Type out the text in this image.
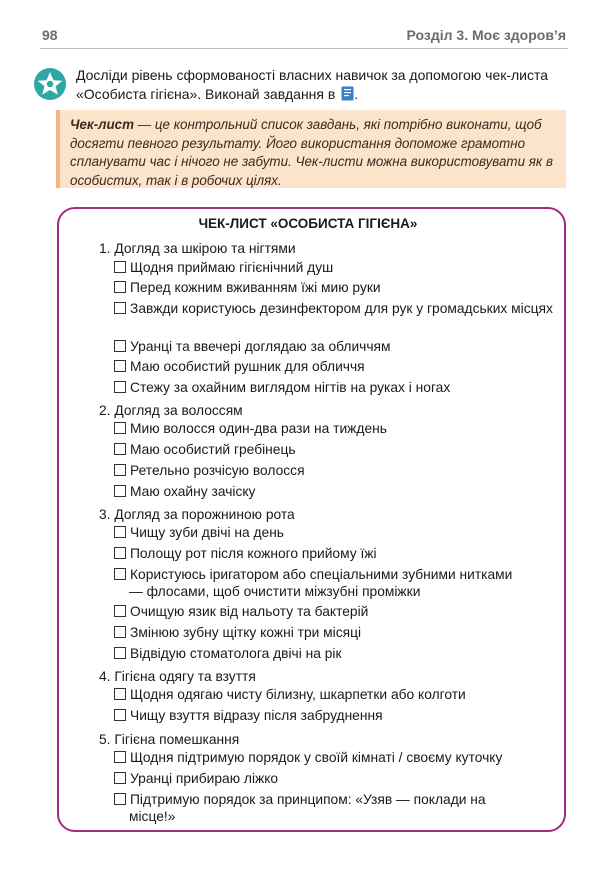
98	Розділ 3. Моє здоров’я
Досліди рівень сформованості власних навичок за допомогою чек-листа
«Особиста гігієна». Виконай завдання в .
Чек-лист — це контрольний список завдань, які потрібно виконати, щоб досягти певного результату. Його використання допоможе грамотно спланувати час і нічого не забути. Чек-листи можна використовувати як в особистих, так і в робочих цілях.
ЧЕК-ЛИСТ «ОСОБИСТА ГІГІЄНА»
1. Догляд за шкірою та нігтями
Щодня приймаю гігієнічний душ
Перед кожним вживанням їжі мию руки
Завжди користуюсь дезинфектором для рук у громадських місцях
Уранці та ввечері доглядаю за обличчям
Маю особистий рушник для обличчя
Стежу за охайним виглядом нігтів на руках і ногах
2. Догляд за волоссям
Мию волосся один-два рази на тиждень
Маю особистий гребінець
Ретельно розчісую волосся
Маю охайну зачіску
3. Догляд за порожниною рота
Чищу зуби двічі на день
Полощу рот після кожного прийому їжі
Користуюсь іригатором або спеціальними зубними нитками — флосами, щоб очистити міжзубні проміжки
Очищую язик від нальоту та бактерій
Змінюю зубну щітку кожні три місяці
Відвідую стоматолога двічі на рік
4. Гігієна одягу та взуття
Щодня одягаю чисту білизну, шкарпетки або колготи
Чищу взуття відразу після забруднення
5. Гігієна помешкання
Щодня підтримую порядок у своїй кімнаті / своєму куточку
Уранці прибираю ліжко
Підтримую порядок за принципом: «Узяв — поклади на місце!»
